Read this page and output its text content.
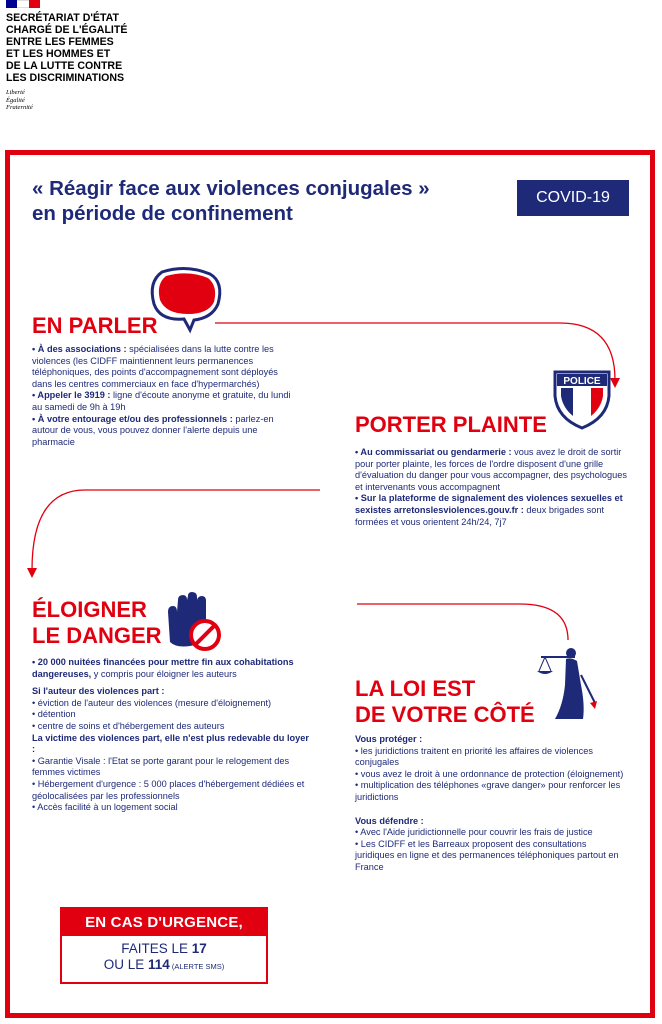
SECRÉTARIAT D'ÉTAT
CHARGÉ DE L'ÉGALITÉ
ENTRE LES FEMMES
ET LES HOMMES ET
DE LA LUTTE CONTRE
LES DISCRIMINATIONS
Liberté
Égalité
Fraternité
« Réagir face aux violences conjugales »
en période de confinement
COVID-19
EN PARLER

• À des associations : spécialisées dans la lutte contre les violences (les CIDFF maintiennent leurs permanences téléphoniques, des points d'accompagnement sont déployés dans les centres commerciaux en face d'hypermarchés)

• Appeler le 3919 : ligne d'écoute anonyme et gratuite, du lundi au samedi de 9h à 19h

• À votre entourage et/ou des professionnels : parlez-en autour de vous, vous pouvez donner l'alerte depuis une pharmacie

POLICE
PORTER PLAINTE

• Au commissariat ou gendarmerie : vous avez le droit de sortir pour porter plainte, les forces de l'ordre disposent d'une grille d'évaluation du danger pour vous accompagner, des psychologues et intervenants vous accompagnent

• Sur la plateforme de signalement des violences sexuelles et sexistes arretonslesviolences.gouv.fr : deux brigades sont formées et vous orientent 24h/24, 7j7

ÉLOIGNER
LE DANGER

• 20 000 nuitées financées pour mettre fin aux cohabitations dangereuses, y compris pour éloigner les auteurs

Si l'auteur des violences part :

• éviction de l'auteur des violences (mesure d'éloignement)

• détention

• centre de soins et d'hébergement des auteurs

La victime des violences part, elle n'est plus redevable du loyer :

• Garantie Visale : l'Etat se porte garant pour le relogement des femmes victimes

• Hébergement d'urgence : 5 000 places d'hébergement dédiées et géolocalisées par les professionnels

• Accès facilité à un logement social

LA LOI EST
DE VOTRE CÔTÉ

Vous protéger :

• les juridictions traitent en priorité les affaires de violences conjugales

• vous avez le droit à une ordonnance de protection (éloignement)

• multiplication des téléphones «grave danger» pour renforcer les juridictions

Vous défendre :

• Avec l'Aide juridictionnelle pour couvrir les frais de justice

• Les CIDFF et les Barreaux proposent des consultations juridiques en ligne et des permanences téléphoniques partout en France

EN CAS D'URGENCE,
FAITES LE 17
OU LE 114 (ALERTE SMS)
